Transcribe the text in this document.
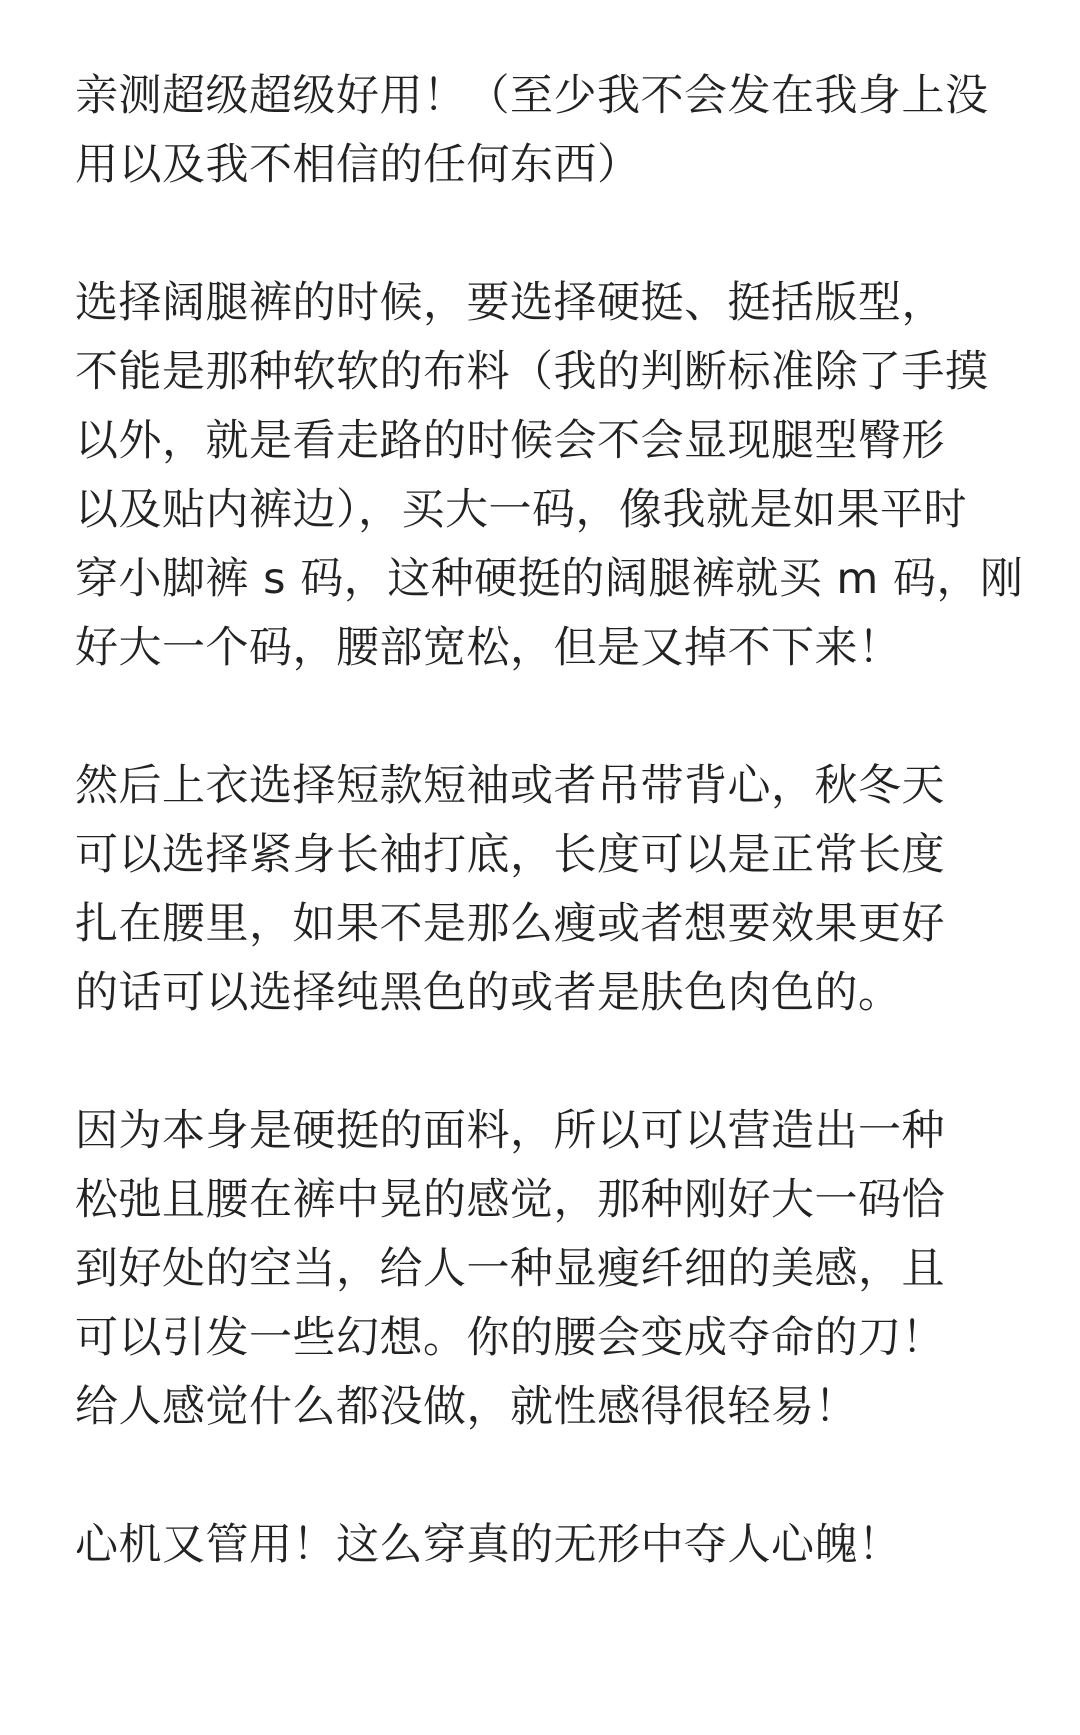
亲测超级超级好用！（至少我不会发在我身上没
用以及我不相信的任何东西）

选择阔腿裤的时候，要选择硬挺、挺括版型，
不能是那种软软的布料（我的判断标准除了手摸
以外，就是看走路的时候会不会显现腿型臀形
以及贴内裤边），买大一码，像我就是如果平时
穿小脚裤 s 码，这种硬挺的阔腿裤就买 m 码，刚
好大一个码，腰部宽松，但是又掉不下来！

然后上衣选择短款短袖或者吊带背心，秋冬天
可以选择紧身长袖打底，长度可以是正常长度
扎在腰里，如果不是那么瘦或者想要效果更好
的话可以选择纯黑色的或者是肤色肉色的。

因为本身是硬挺的面料，所以可以营造出一种
松弛且腰在裤中晃的感觉，那种刚好大一码恰
到好处的空当，给人一种显瘦纤细的美感，且
可以引发一些幻想。你的腰会变成夺命的刀！
给人感觉什么都没做，就性感得很轻易！

心机又管用！这么穿真的无形中夺人心魄！
